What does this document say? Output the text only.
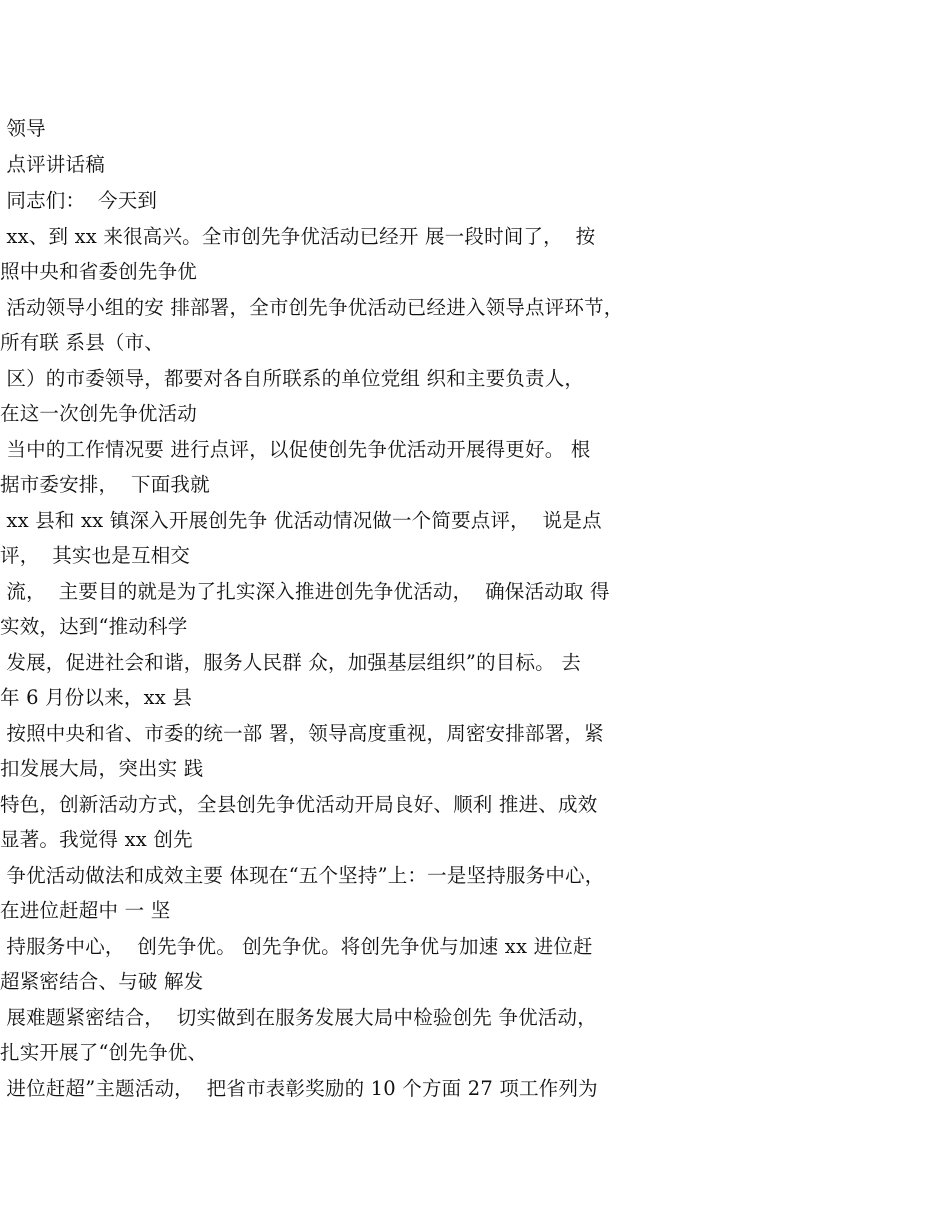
领导
点评讲话稿
同志们：  今天到
xx、到 xx 来很高兴。全市创先争优活动已经开 展一段时间了，  按
照中央和省委创先争优
活动领导小组的安 排部署，全市创先争优活动已经进入领导点评环节，
所有联 系县（市、
区）的市委领导，都要对各自所联系的单位党组 织和主要负责人，
在这一次创先争优活动
当中的工作情况要 进行点评，以促使创先争优活动开展得更好。 根
据市委安排，  下面我就
xx 县和 xx 镇深入开展创先争 优活动情况做一个简要点评，  说是点
评，  其实也是互相交
流，  主要目的就是为了扎实深入推进创先争优活动，  确保活动取 得
实效，达到“推动科学
发展，促进社会和谐，服务人民群 众，加强基层组织”的目标。 去
年 6 月份以来，xx 县
按照中央和省、市委的统一部 署，领导高度重视，周密安排部署，紧
扣发展大局，突出实 践
特色，创新活动方式，全县创先争优活动开局良好、顺利 推进、成效
显著。我觉得 xx 创先
争优活动做法和成效主要 体现在“五个坚持”上：一是坚持服务中心，
在进位赶超中 一 坚
持服务中心，  创先争优。 创先争优。将创先争优与加速 xx 进位赶
超紧密结合、与破 解发
展难题紧密结合，  切实做到在服务发展大局中检验创先 争优活动，
扎实开展了“创先争优、
进位赶超”主题活动，  把省市表彰奖励的 10 个方面 27 项工作列为
